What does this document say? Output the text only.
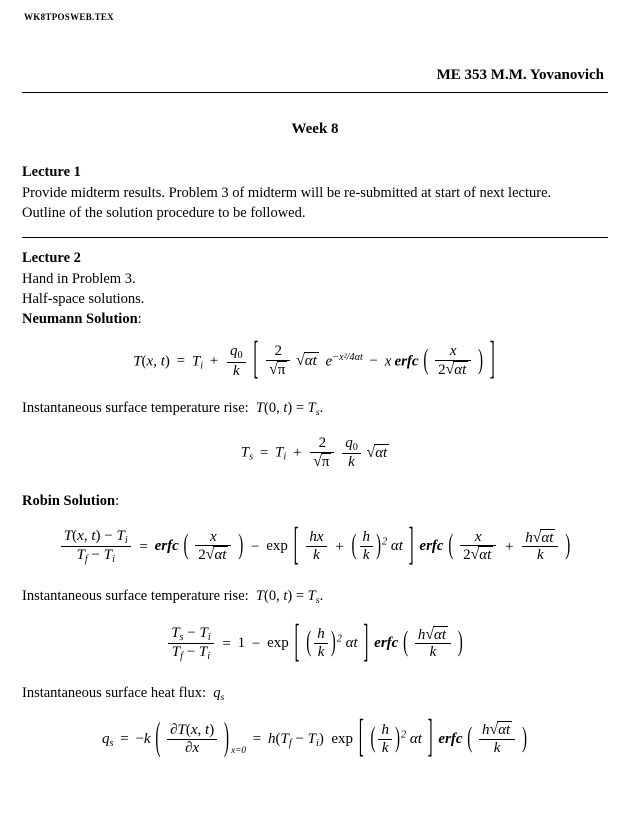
WK8TPOSWEB.TEX
ME 353 M.M. Yovanovich
Week 8
Lecture 1
Provide midterm results. Problem 3 of midterm will be re-submitted at start of next lecture.
Outline of the solution procedure to be followed.
Lecture 2
Hand in Problem 3.
Half-space solutions.
Neumann Solution:
T(x, $t) = T_i + \frac{q0}{k}$ [ $\frac{2}{√\pi} √\alpha t$  $e^{-x^2/4\alpha t} - x$  erfc ( $\frac{x}{2√\alpha t}$ ) ]
Instantaneous surface temperature rise:  T(0, $t) = T_s$.
$T_s = T_i + \frac{2}{√\pi}$
$\frac{q0}{k} √\alpha t$
Robin Solution:
$\frac{T(x, t) - T_i}{T_f - T_i}$ = erfc ( $\frac{x}{2√\alpha t}$ ) − exp [ $\frac{hx}{k}$ + ( $\frac{h}{k} )^2$ αt ] erfc ( $\frac{x}{2√\alpha t} + \frac{h√\alpha t}{k}$ )
Instantaneous surface temperature rise:  T(0, $t) = T_s$.
$\frac{T_s - T_i}{T_f - T_i} = 1 - \exp$ [ ( $\frac{h}{k} )^2$ αt ] erfc ( $\frac{h√\alpha t}{k}$ )
Instantaneous surface heat flux:  $q_s$
$q_s = -k$ ( $\frac{\partial T(x, t)}{\partial x}$ ) $_{x=0} = h(T_f - T_i)$  exp [ ( $\frac{h}{k} )^2$ αt ] erfc ( $\frac{h√\alpha t}{k}$ )
